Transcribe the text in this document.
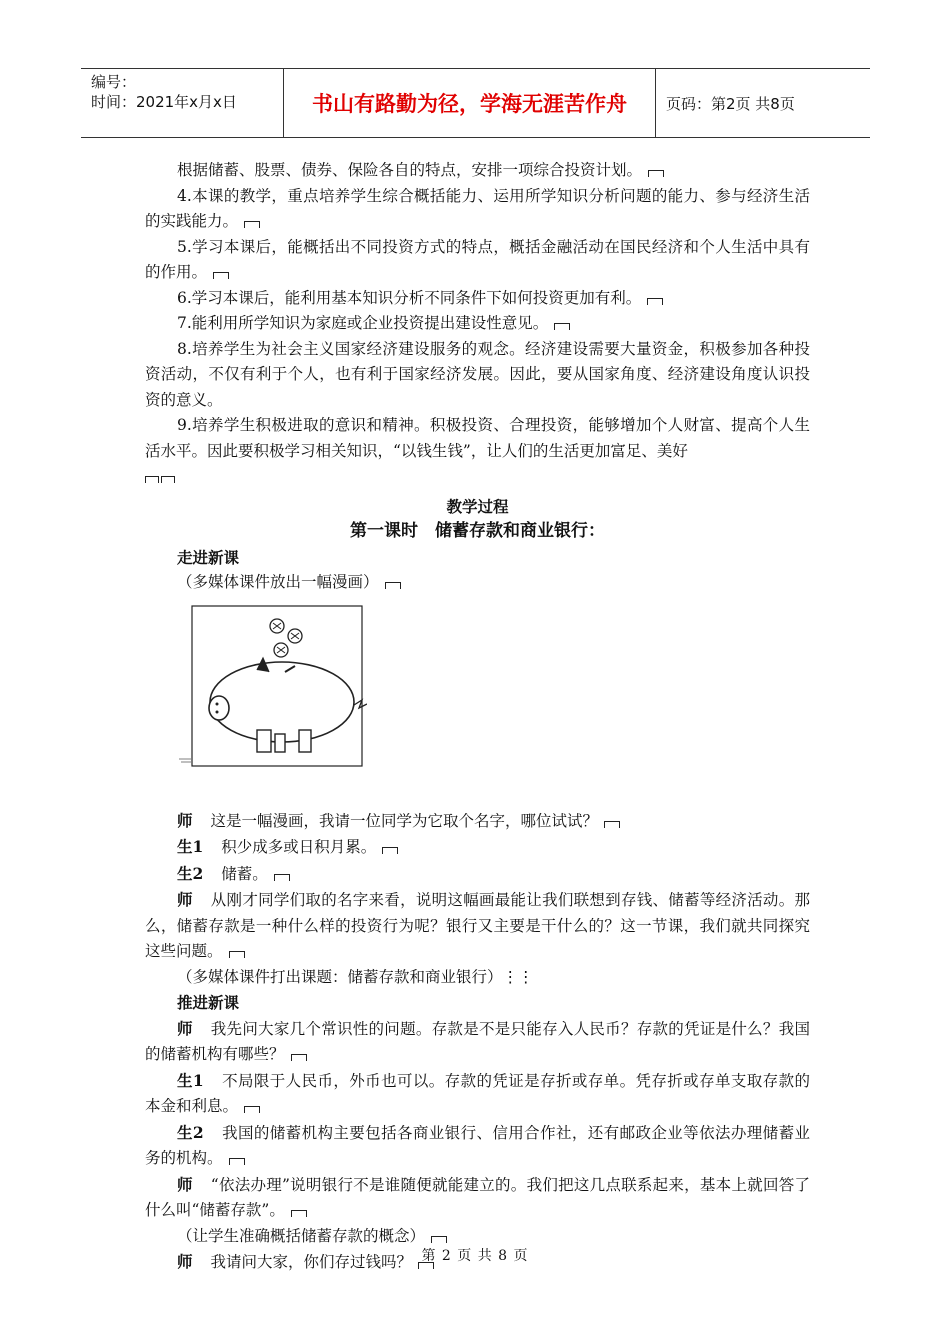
编号：
时间：2021年x月x日	书山有路勤为径，学海无涯苦作舟	页码：第2页 共8页

根据储蓄、股票、债券、保险各自的特点，安排一项综合投资计划。

4.本课的教学，重点培养学生综合概括能力、运用所学知识分析问题的能力、参与经济生活的实践能力。

5.学习本课后，能概括出不同投资方式的特点，概括金融活动在国民经济和个人生活中具有的作用。

6.学习本课后，能利用基本知识分析不同条件下如何投资更加有利。

7.能利用所学知识为家庭或企业投资提出建设性意见。

8.培养学生为社会主义国家经济建设服务的观念。经济建设需要大量资金，积极参加各种投资活动，不仅有利于个人，也有利于国家经济发展。因此，要从国家角度、经济建设角度认识投资的意义。

9.培养学生积极进取的意识和精神。积极投资、合理投资，能够增加个人财富、提高个人生活水平。因此要积极学习相关知识，“以钱生钱”，让人们的生活更加富足、美好

教学过程

第一课时　储蓄存款和商业银行：

走进新课

（多媒体课件放出一幅漫画）

师 这是一幅漫画，我请一位同学为它取个名字，哪位试试？

生1 积少成多或日积月累。

生2 储蓄。

师 从刚才同学们取的名字来看，说明这幅画最能让我们联想到存钱、储蓄等经济活动。那么，储蓄存款是一种什么样的投资行为呢？银行又主要是干什么的？这一节课，我们就共同探究这些问题。

（多媒体课件打出课题：储蓄存款和商业银行）⋮⋮

推进新课

师 我先问大家几个常识性的问题。存款是不是只能存入人民币？存款的凭证是什么？我国的储蓄机构有哪些？

生1 不局限于人民币，外币也可以。存款的凭证是存折或存单。凭存折或存单支取存款的本金和利息。

生2 我国的储蓄机构主要包括各商业银行、信用合作社，还有邮政企业等依法办理储蓄业务的机构。

师 “依法办理”说明银行不是谁随便就能建立的。我们把这几点联系起来，基本上就回答了什么叫“储蓄存款”。

（让学生准确概括储蓄存款的概念）

师 我请问大家，你们存过钱吗？ 第 2 页 共 8 页
